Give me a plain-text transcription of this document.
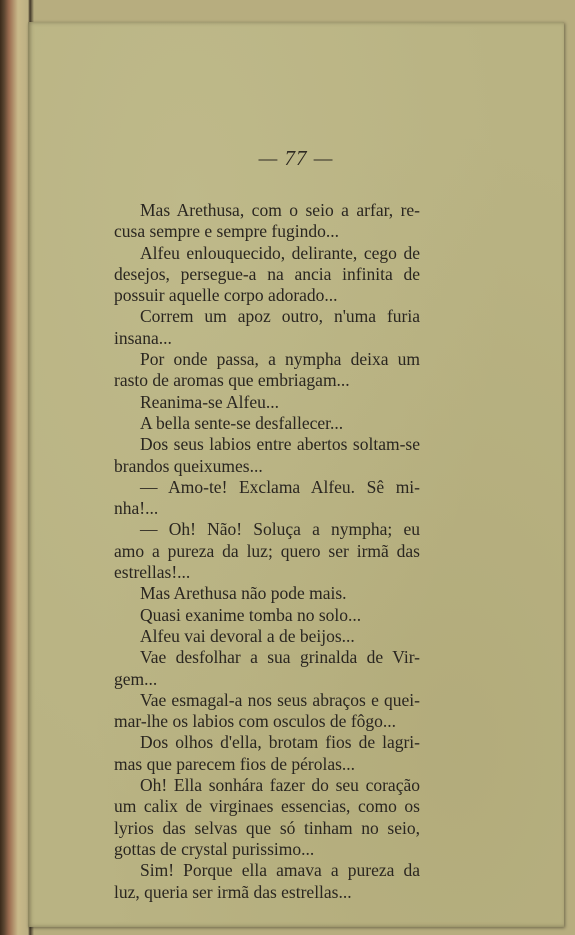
— 77 —
Mas Arethusa, com o seio a arfar, re-
cusa sempre e sempre fugindo...
Alfeu enlouquecido, delirante, cego de
desejos, persegue-a na ancia infinita de
possuir aquelle corpo adorado...
Correm um apoz outro, n'uma furia
insana...
Por onde passa, a nympha deixa um
rasto de aromas que embriagam...
Reanima-se Alfeu...
A bella sente-se desfallecer...
Dos seus labios entre abertos soltam-se
brandos queixumes...
— Amo-te! Exclama Alfeu. Sê mi-
nha!...
— Oh! Não! Soluça a nympha; eu
amo a pureza da luz; quero ser irmã das
estrellas!...
Mas Arethusa não pode mais.
Quasi exanime tomba no solo...
Alfeu vai devoral a de beijos...
Vae desfolhar a sua grinalda de Vir-
gem...
Vae esmagal-a nos seus abraços e quei-
mar-lhe os labios com osculos de fôgo...
Dos olhos d'ella, brotam fios de lagri-
mas que parecem fios de pérolas...
Oh! Ella sonhára fazer do seu coração
um calix de virginaes essencias, como os
lyrios das selvas que só tinham no seio,
gottas de crystal purissimo...
Sim! Porque ella amava a pureza da
luz, queria ser irmã das estrellas...
